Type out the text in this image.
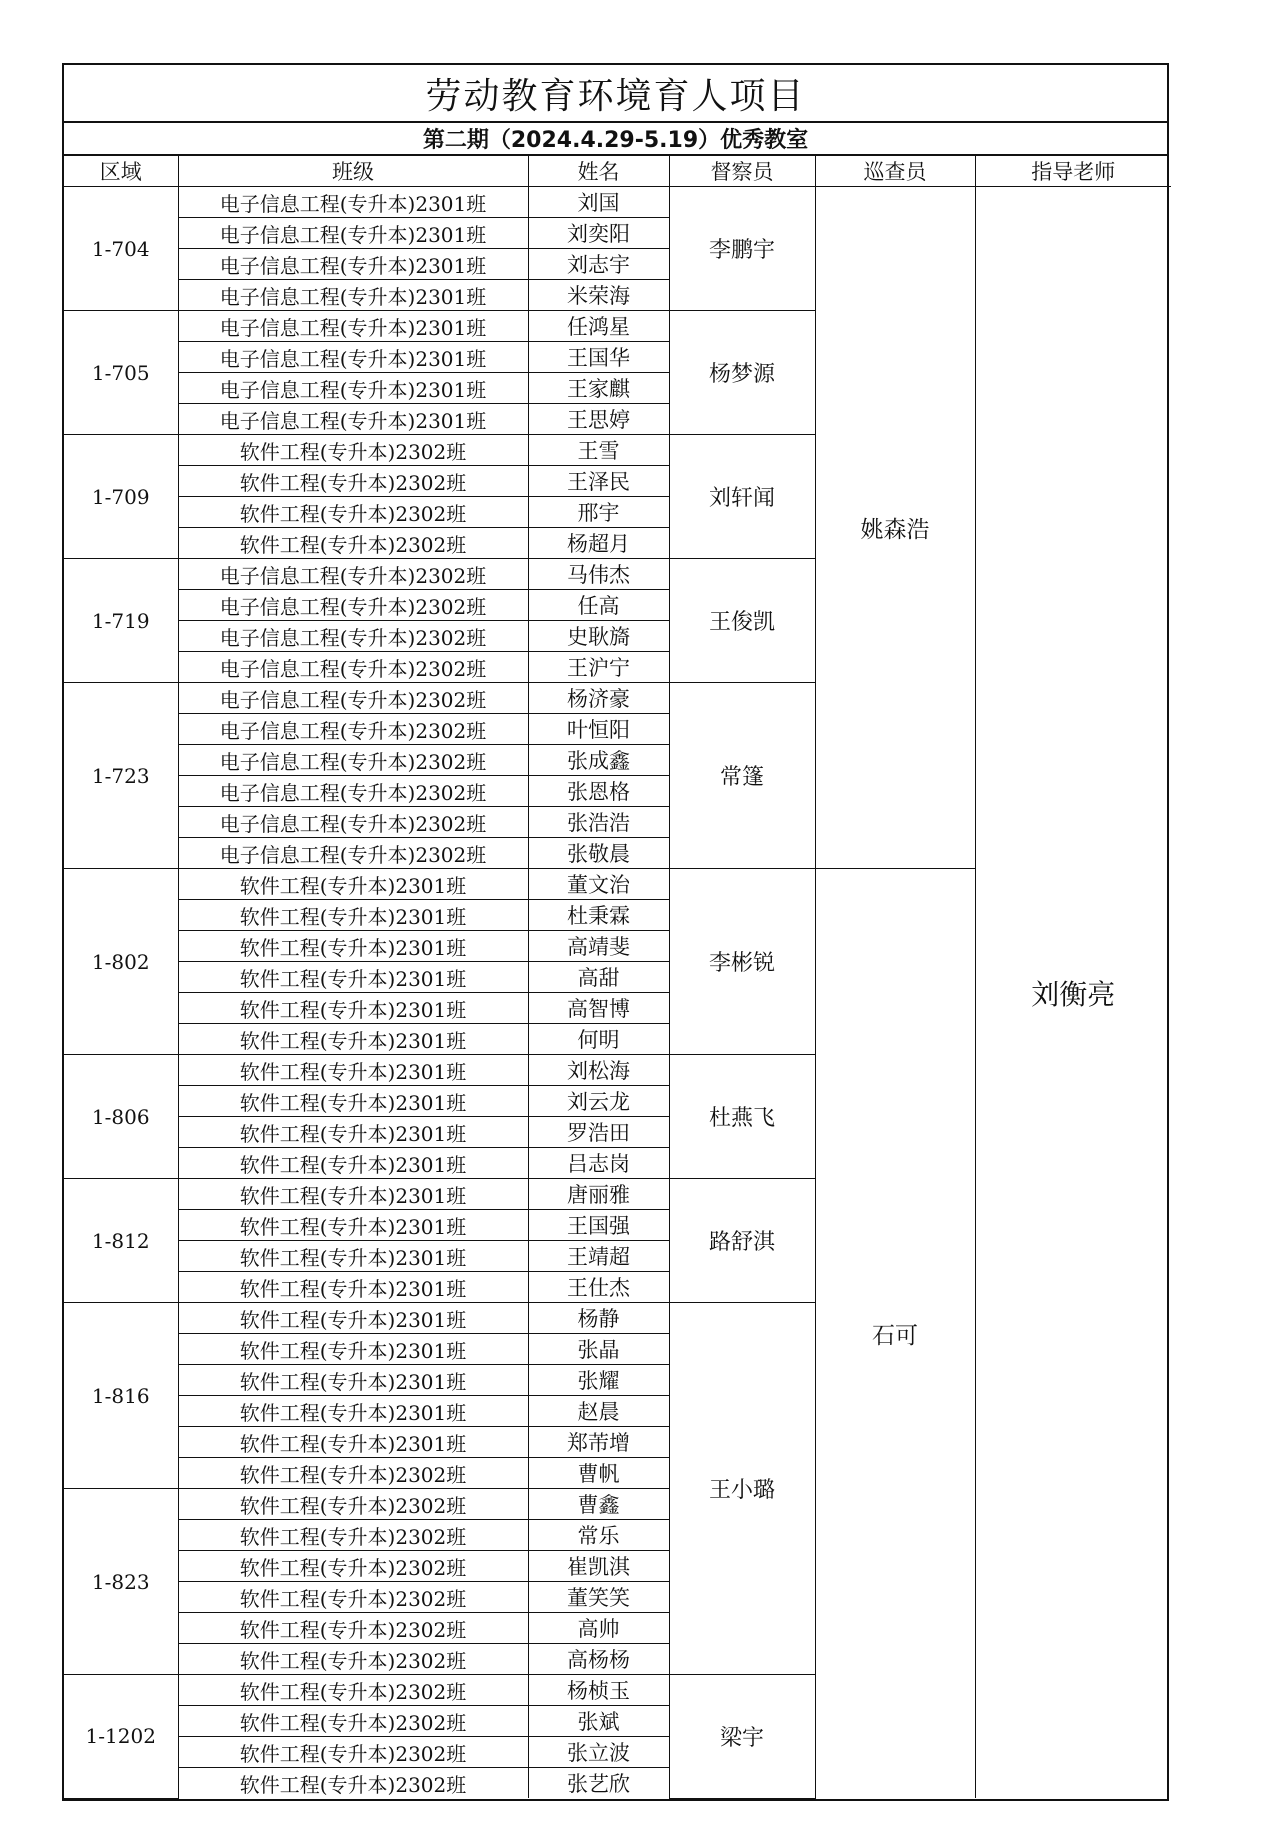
劳动教育环境育人项目
第二期（2024.4.29-5.19）优秀教室
区域	班级	姓名	督察员	巡查员	指导老师
1-704	电子信息工程(专升本)2301班	刘国	李鹏宇	姚森浩	刘衡亮
	电子信息工程(专升本)2301班	刘奕阳			
	电子信息工程(专升本)2301班	刘志宇			
	电子信息工程(专升本)2301班	米荣海			
1-705	电子信息工程(专升本)2301班	任鸿星	杨梦源		
	电子信息工程(专升本)2301班	王国华			
	电子信息工程(专升本)2301班	王家麒			
	电子信息工程(专升本)2301班	王思婷			
1-709	软件工程(专升本)2302班	王雪	刘轩闻		
	软件工程(专升本)2302班	王泽民			
	软件工程(专升本)2302班	邢宇			
	软件工程(专升本)2302班	杨超月			
1-719	电子信息工程(专升本)2302班	马伟杰	王俊凯		
	电子信息工程(专升本)2302班	任高			
	电子信息工程(专升本)2302班	史耿旖			
	电子信息工程(专升本)2302班	王沪宁			
1-723	电子信息工程(专升本)2302班	杨济豪	常篷		
	电子信息工程(专升本)2302班	叶恒阳			
	电子信息工程(专升本)2302班	张成鑫			
	电子信息工程(专升本)2302班	张恩格			
	电子信息工程(专升本)2302班	张浩浩			
	电子信息工程(专升本)2302班	张敬晨			
1-802	软件工程(专升本)2301班	董文治	李彬锐	石可	
	软件工程(专升本)2301班	杜秉霖			
	软件工程(专升本)2301班	高靖斐			
	软件工程(专升本)2301班	高甜			
	软件工程(专升本)2301班	高智博			
	软件工程(专升本)2301班	何明			
1-806	软件工程(专升本)2301班	刘松海	杜燕飞		
	软件工程(专升本)2301班	刘云龙			
	软件工程(专升本)2301班	罗浩田			
	软件工程(专升本)2301班	吕志岗			
1-812	软件工程(专升本)2301班	唐丽雅	路舒淇		
	软件工程(专升本)2301班	王国强			
	软件工程(专升本)2301班	王靖超			
	软件工程(专升本)2301班	王仕杰			
1-816	软件工程(专升本)2301班	杨静	王小璐		
	软件工程(专升本)2301班	张晶			
	软件工程(专升本)2301班	张耀			
	软件工程(专升本)2301班	赵晨			
	软件工程(专升本)2301班	郑芾增			
	软件工程(专升本)2302班	曹帆			
1-823	软件工程(专升本)2302班	曹鑫			
	软件工程(专升本)2302班	常乐			
	软件工程(专升本)2302班	崔凯淇			
	软件工程(专升本)2302班	董笑笑			
	软件工程(专升本)2302班	高帅			
	软件工程(专升本)2302班	高杨杨			
1-1202	软件工程(专升本)2302班	杨桢玉	梁宇		
	软件工程(专升本)2302班	张斌			
	软件工程(专升本)2302班	张立波			
	软件工程(专升本)2302班	张艺欣			
